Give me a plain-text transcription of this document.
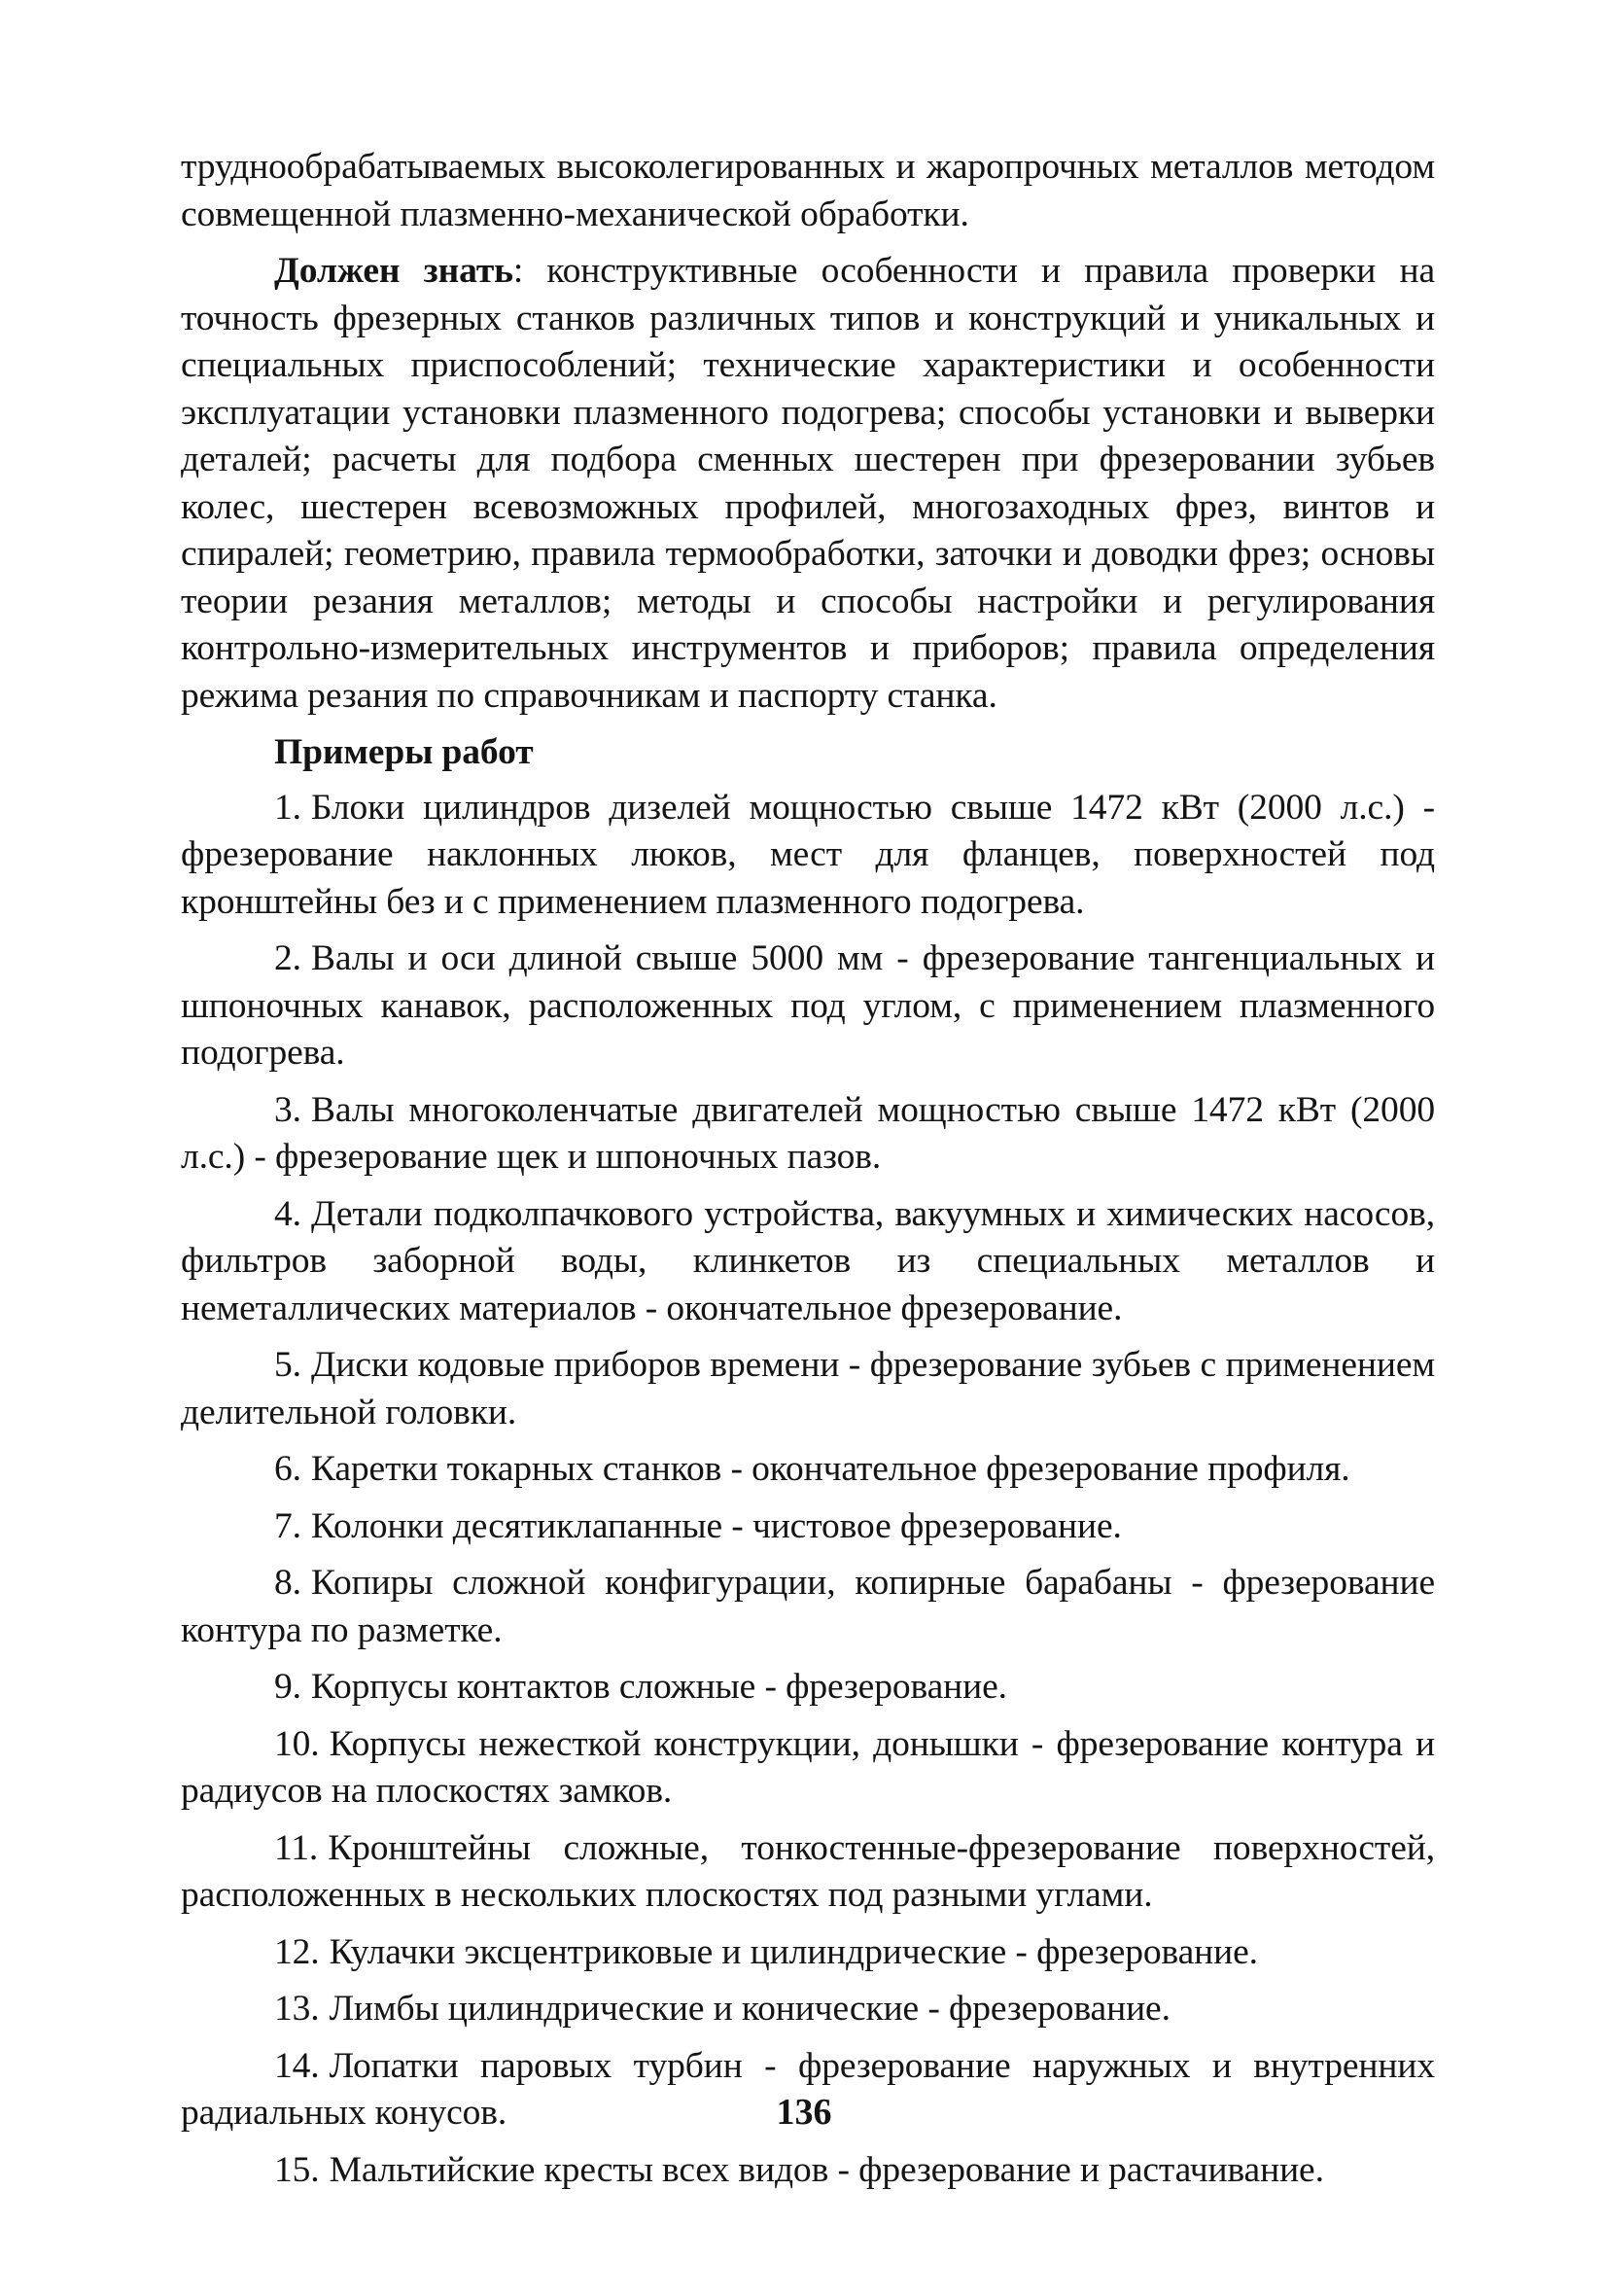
труднообрабатываемых высоколегированных и жаропрочных металлов методом совмещенной плазменно-механической обработки.

Должен знать: конструктивные особенности и правила проверки на точность фрезерных станков различных типов и конструкций и уникальных и специальных приспособлений; технические характеристики и особенности эксплуатации установки плазменного подогрева; способы установки и выверки деталей; расчеты для подбора сменных шестерен при фрезеровании зубьев колес, шестерен всевозможных профилей, многозаходных фрез, винтов и спиралей; геометрию, правила термообработки, заточки и доводки фрез; основы теории резания металлов; методы и способы настройки и регулирования контрольно-измерительных инструментов и приборов; правила определения режима резания по справочникам и паспорту станка.

Примеры работ

1. Блоки цилиндров дизелей мощностью свыше 1472 кВт (2000 л.с.) - фрезерование наклонных люков, мест для фланцев, поверхностей под кронштейны без и с применением плазменного подогрева.

2. Валы и оси длиной свыше 5000 мм - фрезерование тангенциальных и шпоночных канавок, расположенных под углом, с применением плазменного подогрева.

3. Валы многоколенчатые двигателей мощностью свыше 1472 кВт (2000 л.с.) - фрезерование щек и шпоночных пазов.

4. Детали подколпачкового устройства, вакуумных и химических насосов, фильтров заборной воды, клинкетов из специальных металлов и неметаллических материалов - окончательное фрезерование.

5. Диски кодовые приборов времени - фрезерование зубьев с применением делительной головки.

6. Каретки токарных станков - окончательное фрезерование профиля.

7. Колонки десятиклапанные - чистовое фрезерование.

8. Копиры сложной конфигурации, копирные барабаны - фрезерование контура по разметке.

9. Корпусы контактов сложные - фрезерование.

10. Корпусы нежесткой конструкции, донышки - фрезерование контура и радиусов на плоскостях замков.

11. Кронштейны сложные, тонкостенные-фрезерование поверхностей, расположенных в нескольких плоскостях под разными углами.

12. Кулачки эксцентриковые и цилиндрические - фрезерование.

13. Лимбы цилиндрические и конические - фрезерование.

14. Лопатки паровых турбин - фрезерование наружных и внутренних радиальных конусов.

15. Мальтийские кресты всех видов - фрезерование и растачивание.

136
